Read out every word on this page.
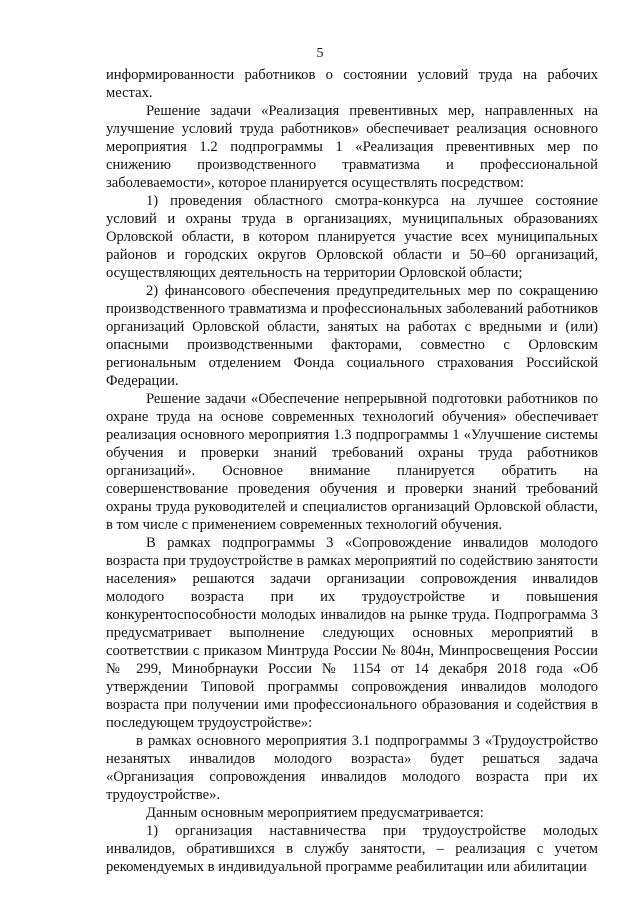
5

информированности работников о состоянии условий труда на рабочих местах.

Решение задачи «Реализация превентивных мер, направленных на улучшение условий труда работников» обеспечивает реализация основного мероприятия 1.2 подпрограммы 1 «Реализация превентивных мер по снижению производственного травматизма и профессиональной заболеваемости», которое планируется осуществлять посредством:

1) проведения областного смотра-конкурса на лучшее состояние условий и охраны труда в организациях, муниципальных образованиях Орловской области, в котором планируется участие всех муниципальных районов и городских округов Орловской области и 50–60 организаций, осуществляющих деятельность на территории Орловской области;

2) финансового обеспечения предупредительных мер по сокращению производственного травматизма и профессиональных заболеваний работников организаций Орловской области, занятых на работах с вредными и (или) опасными производственными факторами, совместно с Орловским региональным отделением Фонда социального страхования Российской Федерации.

Решение задачи «Обеспечение непрерывной подготовки работников по охране труда на основе современных технологий обучения» обеспечивает реализация основного мероприятия 1.3 подпрограммы 1 «Улучшение системы обучения и проверки знаний требований охраны труда работников организаций». Основное внимание планируется обратить на совершенствование проведения обучения и проверки знаний требований охраны труда руководителей и специалистов организаций Орловской области, в том числе с применением современных технологий обучения.

В рамках подпрограммы 3 «Сопровождение инвалидов молодого возраста при трудоустройстве в рамках мероприятий по содействию занятости населения» решаются задачи организации сопровождения инвалидов молодого возраста при их трудоустройстве и повышения конкурентоспособности молодых инвалидов на рынке труда. Подпрограмма 3 предусматривает выполнение следующих основных мероприятий в соответствии с приказом Минтруда России № 804н, Минпросвещения России № 299, Минобрнауки России № 1154 от 14 декабря 2018 года «Об утверждении Типовой программы сопровождения инвалидов молодого возраста при получении ими профессионального образования и содействия в последующем трудоустройстве»:

в рамках основного мероприятия 3.1 подпрограммы 3 «Трудоустройство незанятых инвалидов молодого возраста» будет решаться задача «Организация сопровождения инвалидов молодого возраста при их трудоустройстве».

Данным основным мероприятием предусматривается:

1) организация наставничества при трудоустройстве молодых инвалидов, обратившихся в службу занятости, – реализация с учетом рекомендуемых в индивидуальной программе реабилитации или абилитации
